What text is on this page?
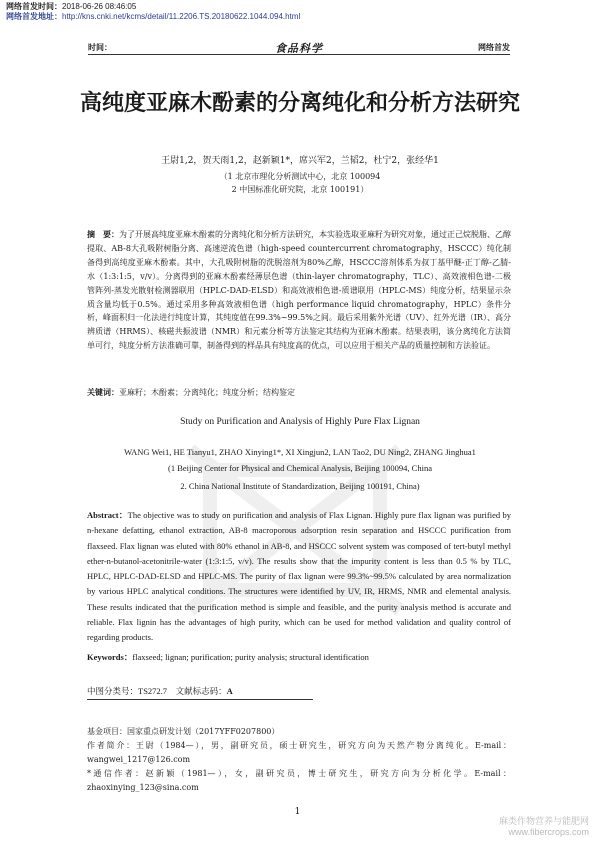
网络首发时间：2018-06-26 08:46:05
网络首发地址：http://kns.cnki.net/kcms/detail/11.2206.TS.20180622.1044.094.html
时间：	食品科学	网络首发
高纯度亚麻木酚素的分离纯化和分析方法研究
王尉1,2，贺天雨1,2，赵新颖1*，席兴军2，兰韬2，杜宁2，张经华1
（1 北京市理化分析测试中心，北京 100094
2 中国标准化研究院，北京 100191）
摘　要：为了开展高纯度亚麻木酚素的分离纯化和分析方法研究，本实验选取亚麻籽为研究对象，通过正己烷脱脂、乙醇提取、AB-8大孔吸附树脂分离、高速逆流色谱（high-speed countercurrent chromatography，HSCCC）纯化制备得到高纯度亚麻木酚素。其中，大孔吸附树脂的洗脱溶剂为80%乙醇，HSCCC溶剂体系为叔丁基甲醚-正丁醇-乙腈-水（1:3:1:5，v/v）。分离得到的亚麻木酚素经薄层色谱（thin-layer chromatography，TLC）、高效液相色谱-二极管阵列-蒸发光散射检测器联用（HPLC-DAD-ELSD）和高效液相色谱-质谱联用（HPLC-MS）纯度分析，结果显示杂质含量均低于0.5%。通过采用多种高效液相色谱（high performance liquid chromatography，HPLC）条件分析，峰面积归一化法进行纯度计算，其纯度值在99.3%~99.5%之间。最后采用紫外光谱（UV）、红外光谱（IR）、高分辨质谱（HRMS）、核磁共振波谱（NMR）和元素分析等方法鉴定其结构为亚麻木酚素。结果表明，该分离纯化方法简单可行，纯度分析方法准确可靠，制备得到的样品具有纯度高的优点，可以应用于相关产品的质量控制和方法验证。
关键词：亚麻籽；木酚素；分离纯化；纯度分析；结构鉴定
Study on Purification and Analysis of Highly Pure Flax Lignan
WANG Wei1, HE Tianyu1, ZHAO Xinying1*, XI Xingjun2, LAN Tao2, DU Ning2, ZHANG Jinghua1
(1 Beijing Center for Physical and Chemical Analysis, Beijing 100094, China
2. China National Institute of Standardization, Beijing 100191, China)
Abstract：The objective was to study on purification and analysis of Flax Lignan. Highly pure flax lignan was purified by n-hexane defatting, ethanol extraction, AB-8 macroporous adsorption resin separation and HSCCC purification from flaxseed. Flax lignan was eluted with 80% ethanol in AB-8, and HSCCC solvent system was composed of tert-butyl methyl ether-n-butanol-acetonitrile-water (1:3:1:5, v/v). The results show that the impurity content is less than 0.5 % by TLC, HPLC, HPLC-DAD-ELSD and HPLC-MS. The purity of flax lignan were 99.3%~99.5% calculated by area normalization by various HPLC analytical conditions. The structures were identified by UV, IR, HRMS, NMR and elemental analysis. These results indicated that the purification method is simple and feasible, and the purity analysis method is accurate and reliable. Flax lignin has the advantages of high purity, which can be used for method validation and quality control of regarding products.
Keywords：flaxseed; lignan; purification; purity analysis; structural identification
中图分类号：TS272.7　 文献标志码：A
基金项目：国家重点研发计划（2017YFF0207800）
作者简介：王尉（1984—），男，副研究员，硕士研究生，研究方向为天然产物分离纯化。E-mail：wangwei_1217@126.com
*通信作者：赵新颖（1981—），女，副研究员，博士研究生，研究方向为分析化学。E-mail：zhaoxinying_123@sina.com
1
麻类作物营养与能肥网
www.fibercrops.com
